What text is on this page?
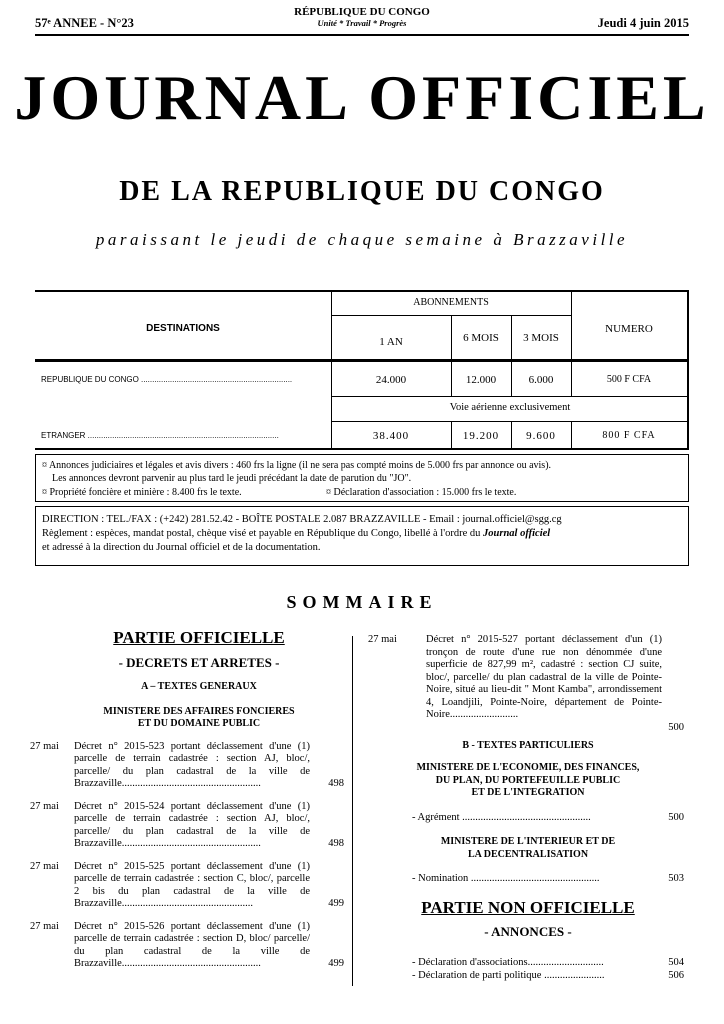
57ᵉ ANNEE - N°23
RÉPUBLIQUE DU CONGO
Unité * Travail * Progrès	Jeudi 4 juin 2015
JOURNAL OFFICIEL
DE LA REPUBLIQUE DU CONGO
paraissant le jeudi de chaque semaine à Brazzaville
DESTINATIONS
ABONNEMENTS
1 AN	6 MOIS	3 MOIS
NUMERO
REPUBLIQUE DU CONGO ....................................................................	24.000	12.000	6.000	500 F CFA
Voie aérienne exclusivement
ETRANGER ......................................................................................	38.400	19.200	9.600	800 F CFA
¤ Annonces judiciaires et légales et avis divers : 460 frs la ligne (il ne sera pas compté moins de 5.000 frs par annonce ou avis).
Les annonces devront parvenir au plus tard le jeudi précédant la date de parution du "JO".
¤ Propriété foncière et minière : 8.400 frs le texte.	¤ Déclaration d'association : 15.000 frs le texte.
DIRECTION : TEL./FAX : (+242) 281.52.42 - BOÎTE POSTALE 2.087 BRAZZAVILLE - Email : journal.officiel@sgg.cg
Règlement : espèces, mandat postal, chèque visé et payable en République du Congo, libellé à l'ordre du Journal officiel
et adressé à la direction du Journal officiel et de la documentation.
SOMMAIRE
PARTIE OFFICIELLE
- DECRETS ET ARRETES -
A – TEXTES GENERAUX
MINISTERE DES AFFAIRES FONCIERES
ET DU DOMAINE PUBLIC
27 mai Décret n° 2015-523 portant déclassement d'une (1) parcelle de terrain cadastrée : section AJ, bloc/, parcelle/ du plan cadastral de la ville de Brazzaville.....................................................	498
27 mai Décret n° 2015-524 portant déclassement d'une (1) parcelle de terrain cadastrée : section AJ, bloc/, parcelle/ du plan cadastral de la ville de Brazzaville.....................................................	498
27 mai Décret n° 2015-525 portant déclassement d'une (1) parcelle de terrain cadastrée : section C, bloc/, parcelle 2 bis du plan cadastral de la ville de Brazzaville..................................................	499
27 mai Décret n° 2015-526 portant déclassement d'une (1) parcelle de terrain cadastrée : section D, bloc/ parcelle/ du plan cadastral de la ville de Brazzaville.....................................................	499
27 mai	Décret n° 2015-527 portant déclassement d'un (1) tronçon de route d'une rue non dénommée d'une superficie de 827,99 m², cadastré : section CJ suite, bloc/, parcelle/ du plan cadastral de la ville de Pointe-Noire, situé au lieu-dit " Mont Kamba", arrondissement 4, Loandjili, Pointe-Noire, département de Pointe-Noire..........................
500
B - TEXTES PARTICULIERS
MINISTERE DE L'ECONOMIE, DES FINANCES,
DU PLAN, DU PORTEFEUILLE PUBLIC
ET DE L'INTEGRATION
- Agrément .................................................	500
MINISTERE DE L'INTERIEUR ET DE
LA DECENTRALISATION
- Nomination .................................................	503
PARTIE NON OFFICIELLE
- ANNONCES -
- Déclaration d'associations.............................	504
- Déclaration de parti politique .......................	506
